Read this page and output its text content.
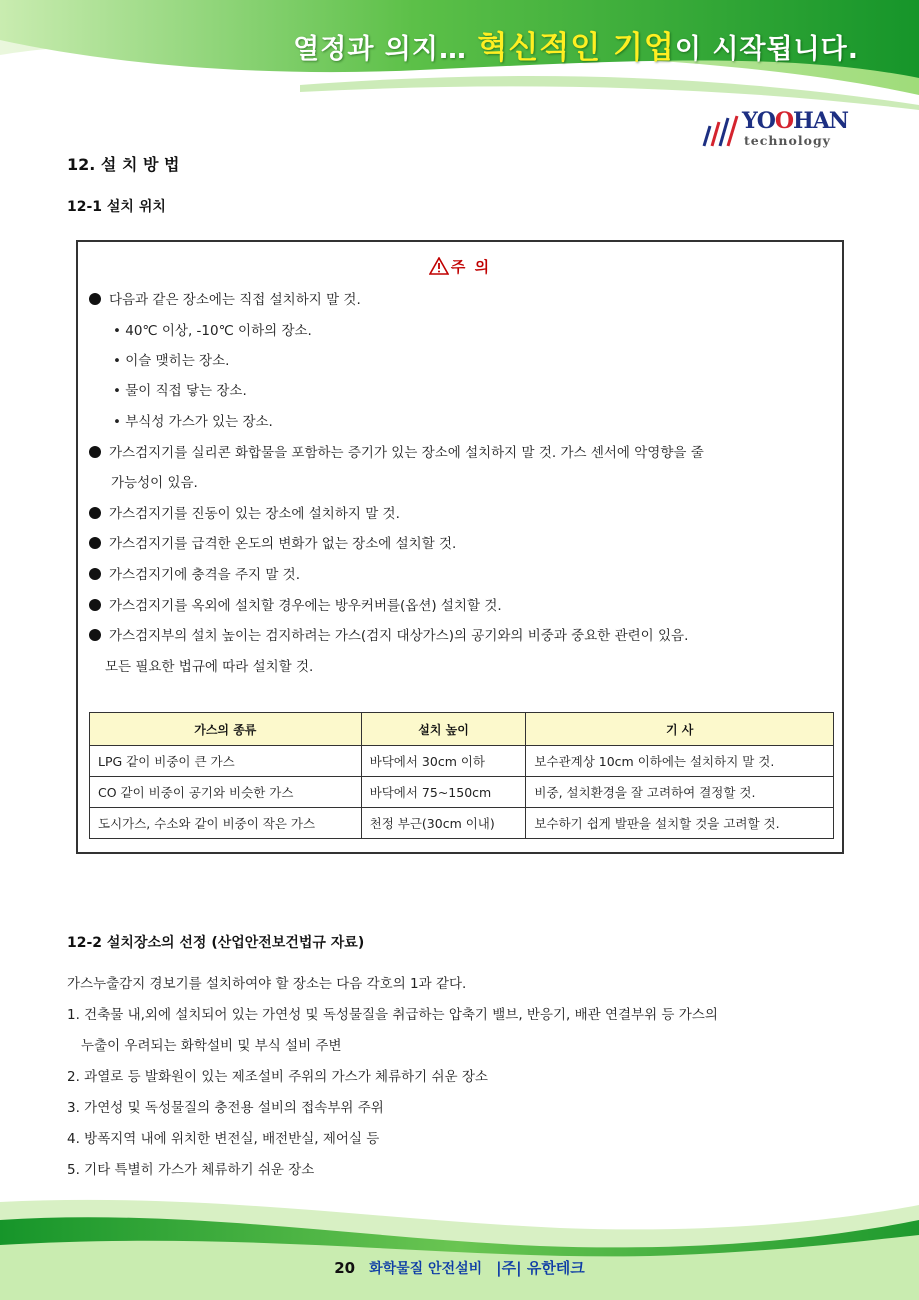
열정과 의지… 혁신적인 기업이 시작됩니다.
YOOHAN
technology
12. 설 치 방 법
12-1 설치 위치
주 의
다음과 같은 장소에는 직접 설치하지 말 것.
• 40℃ 이상, -10℃ 이하의 장소.
• 이슬 맺히는 장소.
• 물이 직접 닿는 장소.
• 부식성 가스가 있는 장소.
가스검지기를 실리콘 화합물을 포함하는 증기가 있는 장소에 설치하지 말 것. 가스 센서에 악영향을 줄
가능성이 있음.
가스검지기를 진동이 있는 장소에 설치하지 말 것.
가스검지기를 급격한 온도의 변화가 없는 장소에 설치할 것.
가스검지기에 충격을 주지 말 것.
가스검지기를 옥외에 설치할 경우에는 방우커버를(옵션) 설치할 것.
가스검지부의 설치 높이는 검지하려는 가스(검지 대상가스)의 공기와의 비중과 중요한 관련이 있음.
모든 필요한 법규에 따라 설치할 것.
가스의 종류	설치 높이	기 사
LPG 같이 비중이 큰 가스	바닥에서 30cm 이하	보수관계상 10cm 이하에는 설치하지 말 것.
CO 같이 비중이 공기와 비슷한 가스	바닥에서 75~150cm	비중, 설치환경을 잘 고려하여 결정할 것.
도시가스, 수소와 같이 비중이 작은 가스	천정 부근(30cm 이내)	보수하기 쉽게 발판을 설치할 것을 고려할 것.
12-2 설치장소의 선정 (산업안전보건법규 자료)
가스누출감지 경보기를 설치하여야 할 장소는 다음 각호의 1과 같다.
1. 건축물 내,외에 설치되어 있는 가연성 및 독성물질을 취급하는 압축기 밸브, 반응기, 배관 연결부위 등 가스의
누출이 우려되는 화학설비 및 부식 설비 주변
2. 과열로 등 발화원이 있는 제조설비 주위의 가스가 체류하기 쉬운 장소
3. 가연성 및 독성물질의 충전용 설비의 접속부위 주위
4. 방폭지역 내에 위치한 변전실, 배전반실, 제어실 등
5. 기타 특별히 가스가 체류하기 쉬운 장소
20 화학물질 안전설비 |주| 유한테크
